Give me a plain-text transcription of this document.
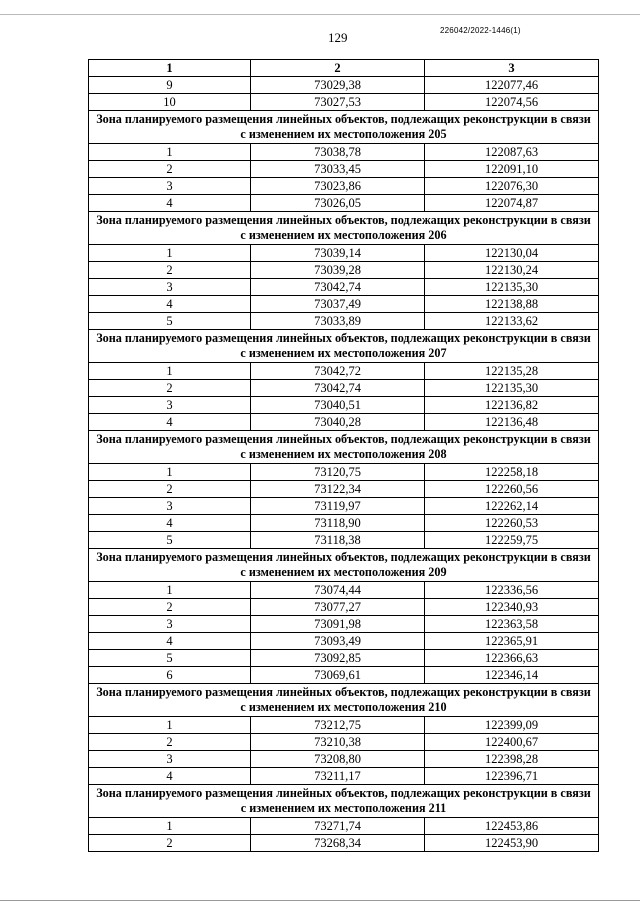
129	226042/2022-1446(1)
1	2	3
9	73029,38	122077,46
10	73027,53	122074,56
Зона планируемого размещения линейных объектов, подлежащих реконструкции в связи с изменением их местоположения 205		
1	73038,78	122087,63
2	73033,45	122091,10
3	73023,86	122076,30
4	73026,05	122074,87
Зона планируемого размещения линейных объектов, подлежащих реконструкции в связи с изменением их местоположения 206		
1	73039,14	122130,04
2	73039,28	122130,24
3	73042,74	122135,30
4	73037,49	122138,88
5	73033,89	122133,62
Зона планируемого размещения линейных объектов, подлежащих реконструкции в связи с изменением их местоположения 207		
1	73042,72	122135,28
2	73042,74	122135,30
3	73040,51	122136,82
4	73040,28	122136,48
Зона планируемого размещения линейных объектов, подлежащих реконструкции в связи с изменением их местоположения 208		
1	73120,75	122258,18
2	73122,34	122260,56
3	73119,97	122262,14
4	73118,90	122260,53
5	73118,38	122259,75
Зона планируемого размещения линейных объектов, подлежащих реконструкции в связи с изменением их местоположения 209		
1	73074,44	122336,56
2	73077,27	122340,93
3	73091,98	122363,58
4	73093,49	122365,91
5	73092,85	122366,63
6	73069,61	122346,14
Зона планируемого размещения линейных объектов, подлежащих реконструкции в связи с изменением их местоположения 210		
1	73212,75	122399,09
2	73210,38	122400,67
3	73208,80	122398,28
4	73211,17	122396,71
Зона планируемого размещения линейных объектов, подлежащих реконструкции в связи с изменением их местоположения 211		
1	73271,74	122453,86
2	73268,34	122453,90
